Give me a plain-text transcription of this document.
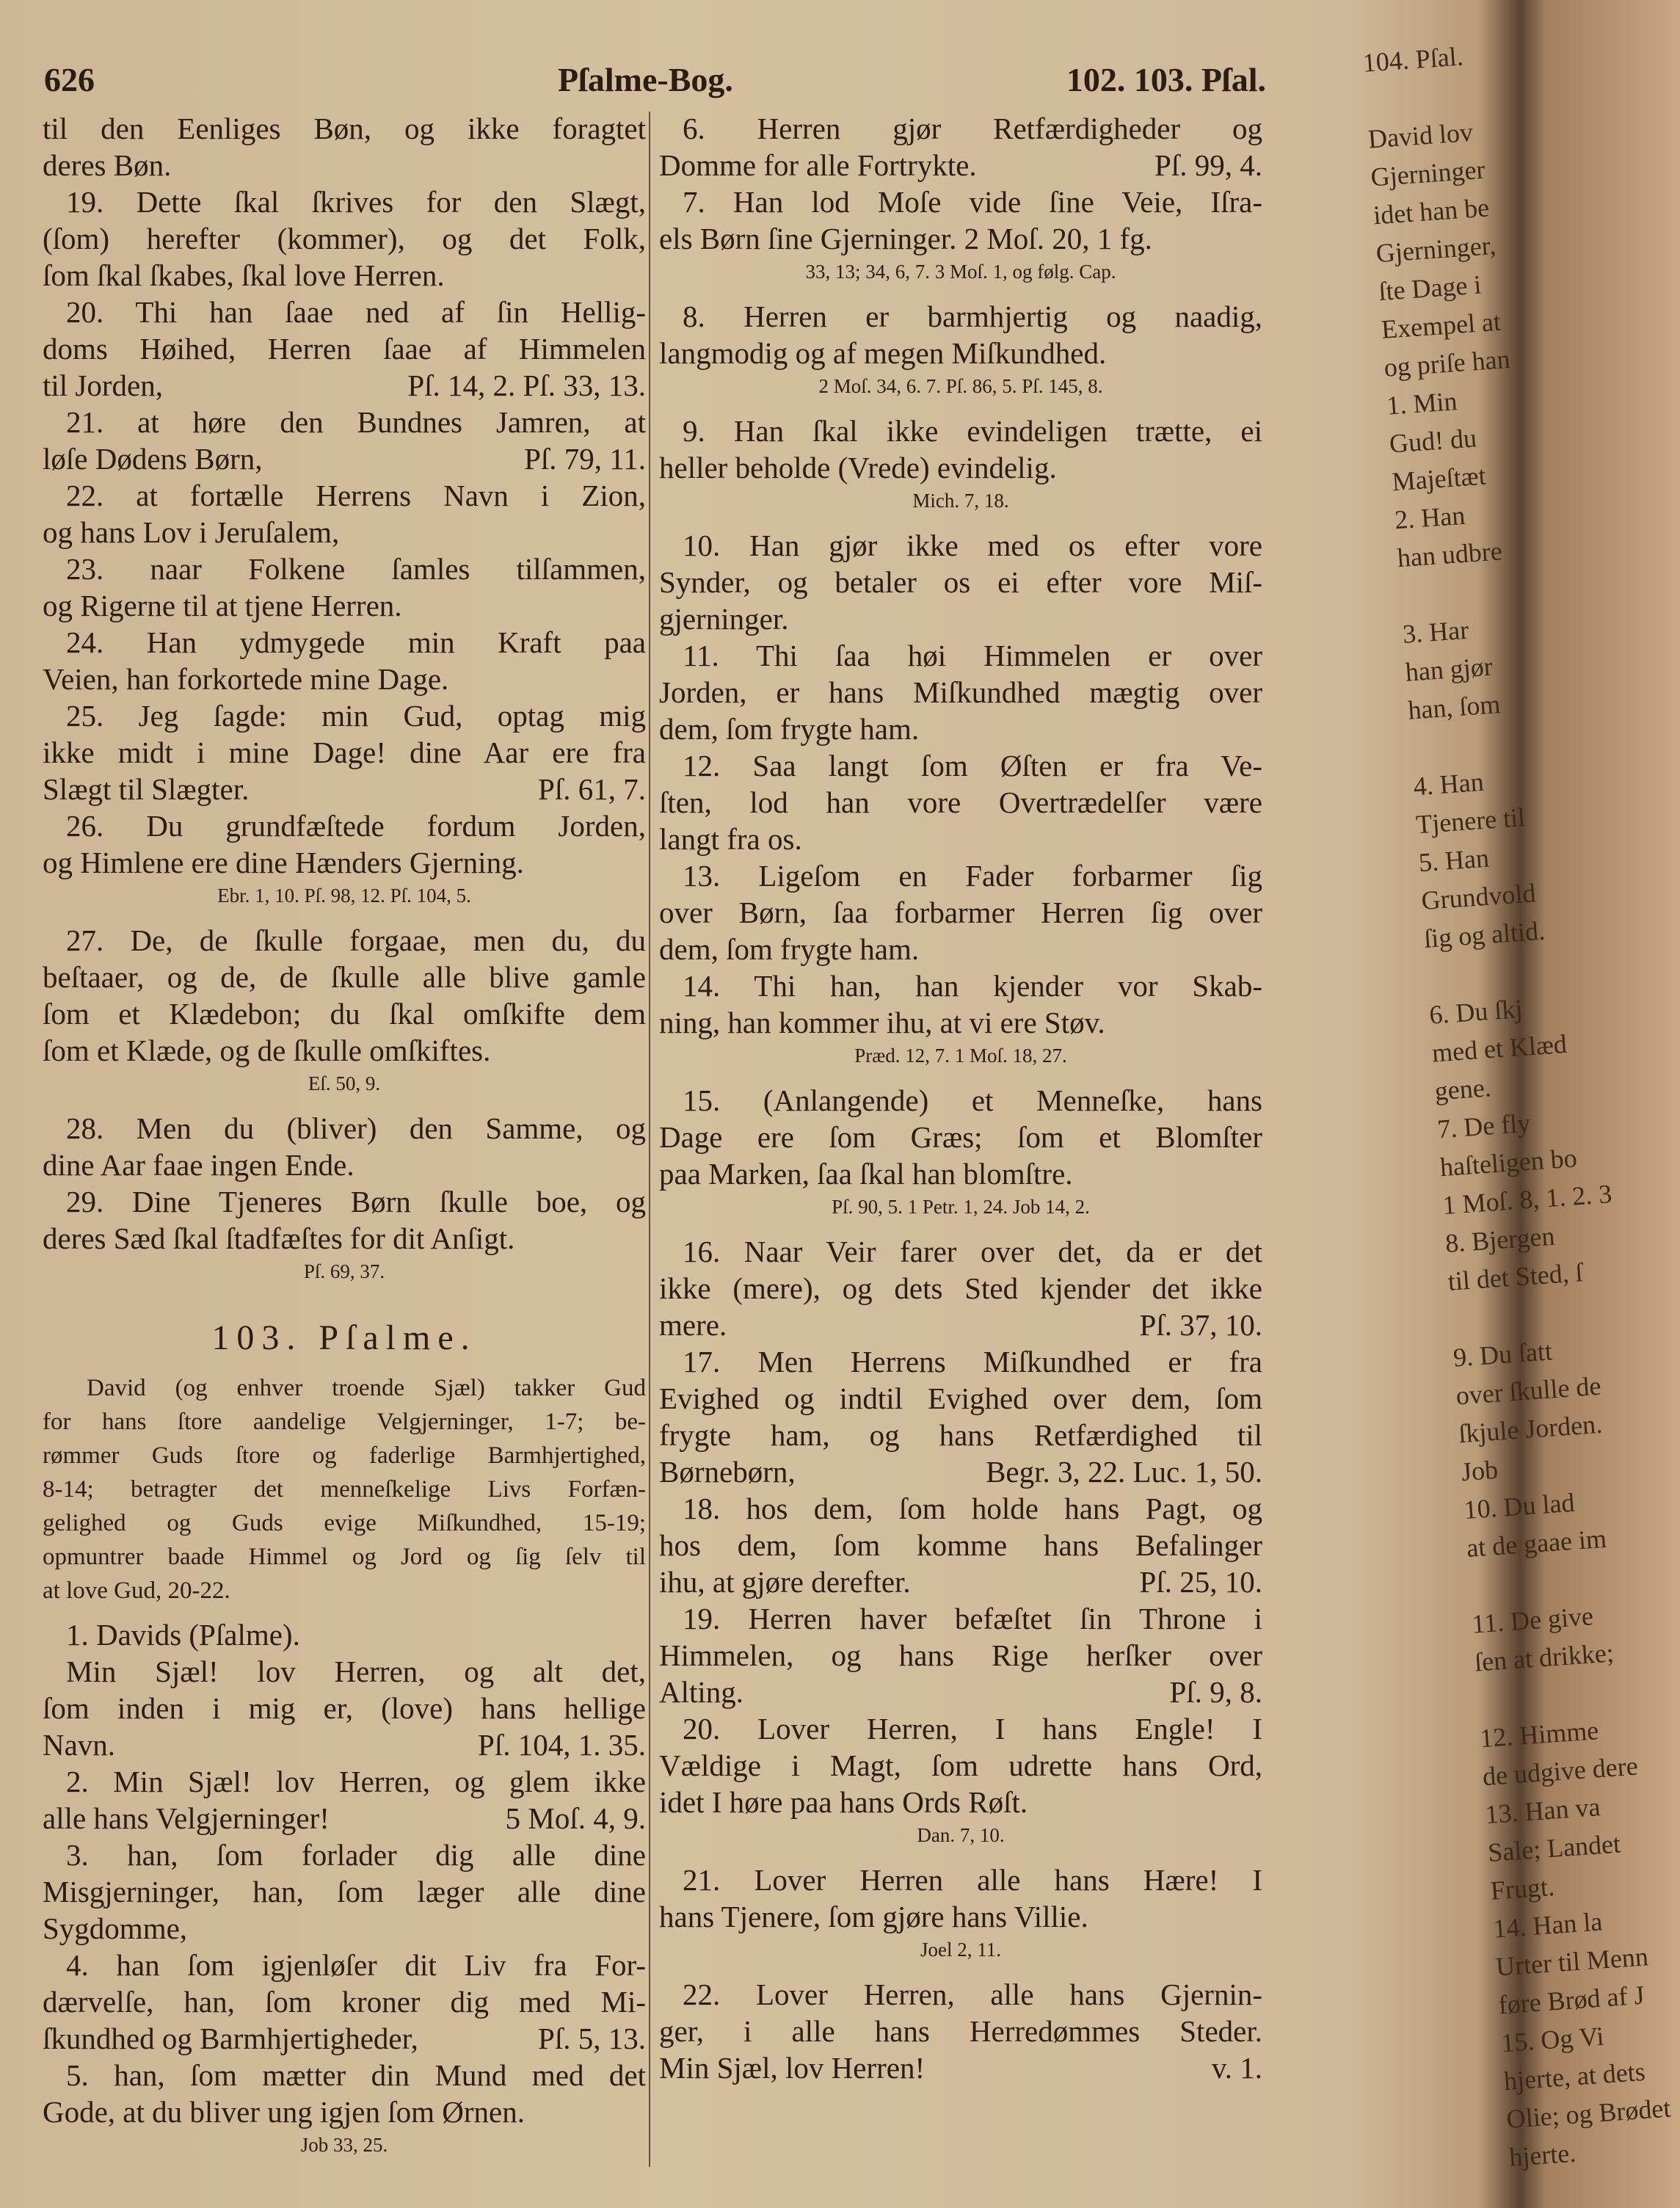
626	Pſalme-Bog.	102. 103. Pſal.
til den Eenliges Bøn, og ikke foragtet
deres Bøn.
19. Dette ſkal ſkrives for den Slægt,
(ſom) herefter (kommer), og det Folk,
ſom ſkal ſkabes, ſkal love Herren.
20. Thi han ſaae ned af ſin Hellig-
doms Høihed, Herren ſaae af Himmelen
til Jorden,	Pſ. 14, 2. Pſ. 33, 13.
21. at høre den Bundnes Jamren, at
løſe Dødens Børn,	Pſ. 79, 11.
22. at fortælle Herrens Navn i Zion,
og hans Lov i Jeruſalem,
23. naar Folkene ſamles tilſammen,
og Rigerne til at tjene Herren.
24. Han ydmygede min Kraft paa
Veien, han forkortede mine Dage.
25. Jeg ſagde: min Gud, optag mig
ikke midt i mine Dage! dine Aar ere fra
Slægt til Slægter.	Pſ. 61, 7.
26. Du grundfæſtede fordum Jorden,
og Himlene ere dine Hænders Gjerning.
Ebr. 1, 10. Pſ. 98, 12. Pſ. 104, 5.
27. De, de ſkulle forgaae, men du, du
beſtaaer, og de, de ſkulle alle blive gamle
ſom et Klædebon; du ſkal omſkifte dem
ſom et Klæde, og de ſkulle omſkiftes.
Eſ. 50, 9.
28. Men du (bliver) den Samme, og
dine Aar faae ingen Ende.
29. Dine Tjeneres Børn ſkulle boe, og
deres Sæd ſkal ſtadfæſtes for dit Anſigt.
Pſ. 69, 37.
103. Pſalme.
David (og enhver troende Sjæl) takker Gud
for hans ſtore aandelige Velgjerninger, 1-7; be-
rømmer Guds ſtore og faderlige Barmhjertighed,
8-14; betragter det menneſkelige Livs Forfæn-
gelighed og Guds evige Miſkundhed, 15-19;
opmuntrer baade Himmel og Jord og ſig ſelv til
at love Gud, 20-22.
1. Davids (Pſalme).
Min Sjæl! lov Herren, og alt det,
ſom inden i mig er, (love) hans hellige
Navn.	Pſ. 104, 1. 35.
2. Min Sjæl! lov Herren, og glem ikke
alle hans Velgjerninger!	5 Moſ. 4, 9.
3. han, ſom forlader dig alle dine
Misgjerninger, han, ſom læger alle dine
Sygdomme,
4. han ſom igjenløſer dit Liv fra For-
dærvelſe, han, ſom kroner dig med Mi-
ſkundhed og Barmhjertigheder,	Pſ. 5, 13.
5. han, ſom mætter din Mund med det
Gode, at du bliver ung igjen ſom Ørnen.
Job 33, 25.
6. Herren gjør Retfærdigheder og
Domme for alle Fortrykte.	Pſ. 99, 4.
7. Han lod Moſe vide ſine Veie, Iſra-
els Børn ſine Gjerninger. 2 Moſ. 20, 1 fg.
33, 13; 34, 6, 7. 3 Moſ. 1, og følg. Cap.
8. Herren er barmhjertig og naadig,
langmodig og af megen Miſkundhed.
2 Moſ. 34, 6. 7. Pſ. 86, 5. Pſ. 145, 8.
9. Han ſkal ikke evindeligen trætte, ei
heller beholde (Vrede) evindelig.
Mich. 7, 18.
10. Han gjør ikke med os efter vore
Synder, og betaler os ei efter vore Miſ-
gjerninger.
11. Thi ſaa høi Himmelen er over
Jorden, er hans Miſkundhed mægtig over
dem, ſom frygte ham.
12. Saa langt ſom Øſten er fra Ve-
ſten, lod han vore Overtrædelſer være
langt fra os.
13. Ligeſom en Fader forbarmer ſig
over Børn, ſaa forbarmer Herren ſig over
dem, ſom frygte ham.
14. Thi han, han kjender vor Skab-
ning, han kommer ihu, at vi ere Støv.
Præd. 12, 7. 1 Moſ. 18, 27.
15. (Anlangende) et Menneſke, hans
Dage ere ſom Græs; ſom et Blomſter
paa Marken, ſaa ſkal han blomſtre.
Pſ. 90, 5. 1 Petr. 1, 24. Job 14, 2.
16. Naar Veir farer over det, da er det
ikke (mere), og dets Sted kjender det ikke
mere.	Pſ. 37, 10.
17. Men Herrens Miſkundhed er fra
Evighed og indtil Evighed over dem, ſom
frygte ham, og hans Retfærdighed til
Børnebørn,	Begr. 3, 22. Luc. 1, 50.
18. hos dem, ſom holde hans Pagt, og
hos dem, ſom komme hans Befalinger
ihu, at gjøre derefter.	Pſ. 25, 10.
19. Herren haver befæſtet ſin Throne i
Himmelen, og hans Rige herſker over
Alting.	Pſ. 9, 8.
20. Lover Herren, I hans Engle! I
Vældige i Magt, ſom udrette hans Ord,
idet I høre paa hans Ords Røſt.
Dan. 7, 10.
21. Lover Herren alle hans Hære! I
hans Tjenere, ſom gjøre hans Villie.
Joel 2, 11.
22. Lover Herren, alle hans Gjernin-
ger, i alle hans Herredømmes Steder.
Min Sjæl, lov Herren!	v. 1.
104. Pſal.
David lov
Gjerninger
idet han be
Gjerninger,
ſte Dage i
Exempel at
og priſe han
1. Min
Gud! du
Majeſtæt
2. Han
han udbre
3. Har
han gjør
han, ſom
4. Han
Tjenere til
5. Han
Grundvold
ſig og altid.
6. Du ſkj
med et Klæd
gene.
7. De fly
haſteligen bo
1 Moſ. 8, 1. 2. 3
8. Bjergen
til det Sted, ſ
9. Du ſatt
over ſkulle de
ſkjule Jorden.
Job
10. Du lad
at de gaae im
11. De give
ſen at drikke;
12. Himme
de udgive dere
13. Han va
Sale; Landet
Frugt.
14. Han la
Urter til Menn
føre Brød af J
15. Og Vi
hjerte, at dets
Olie; og Brødet
hjerte.
